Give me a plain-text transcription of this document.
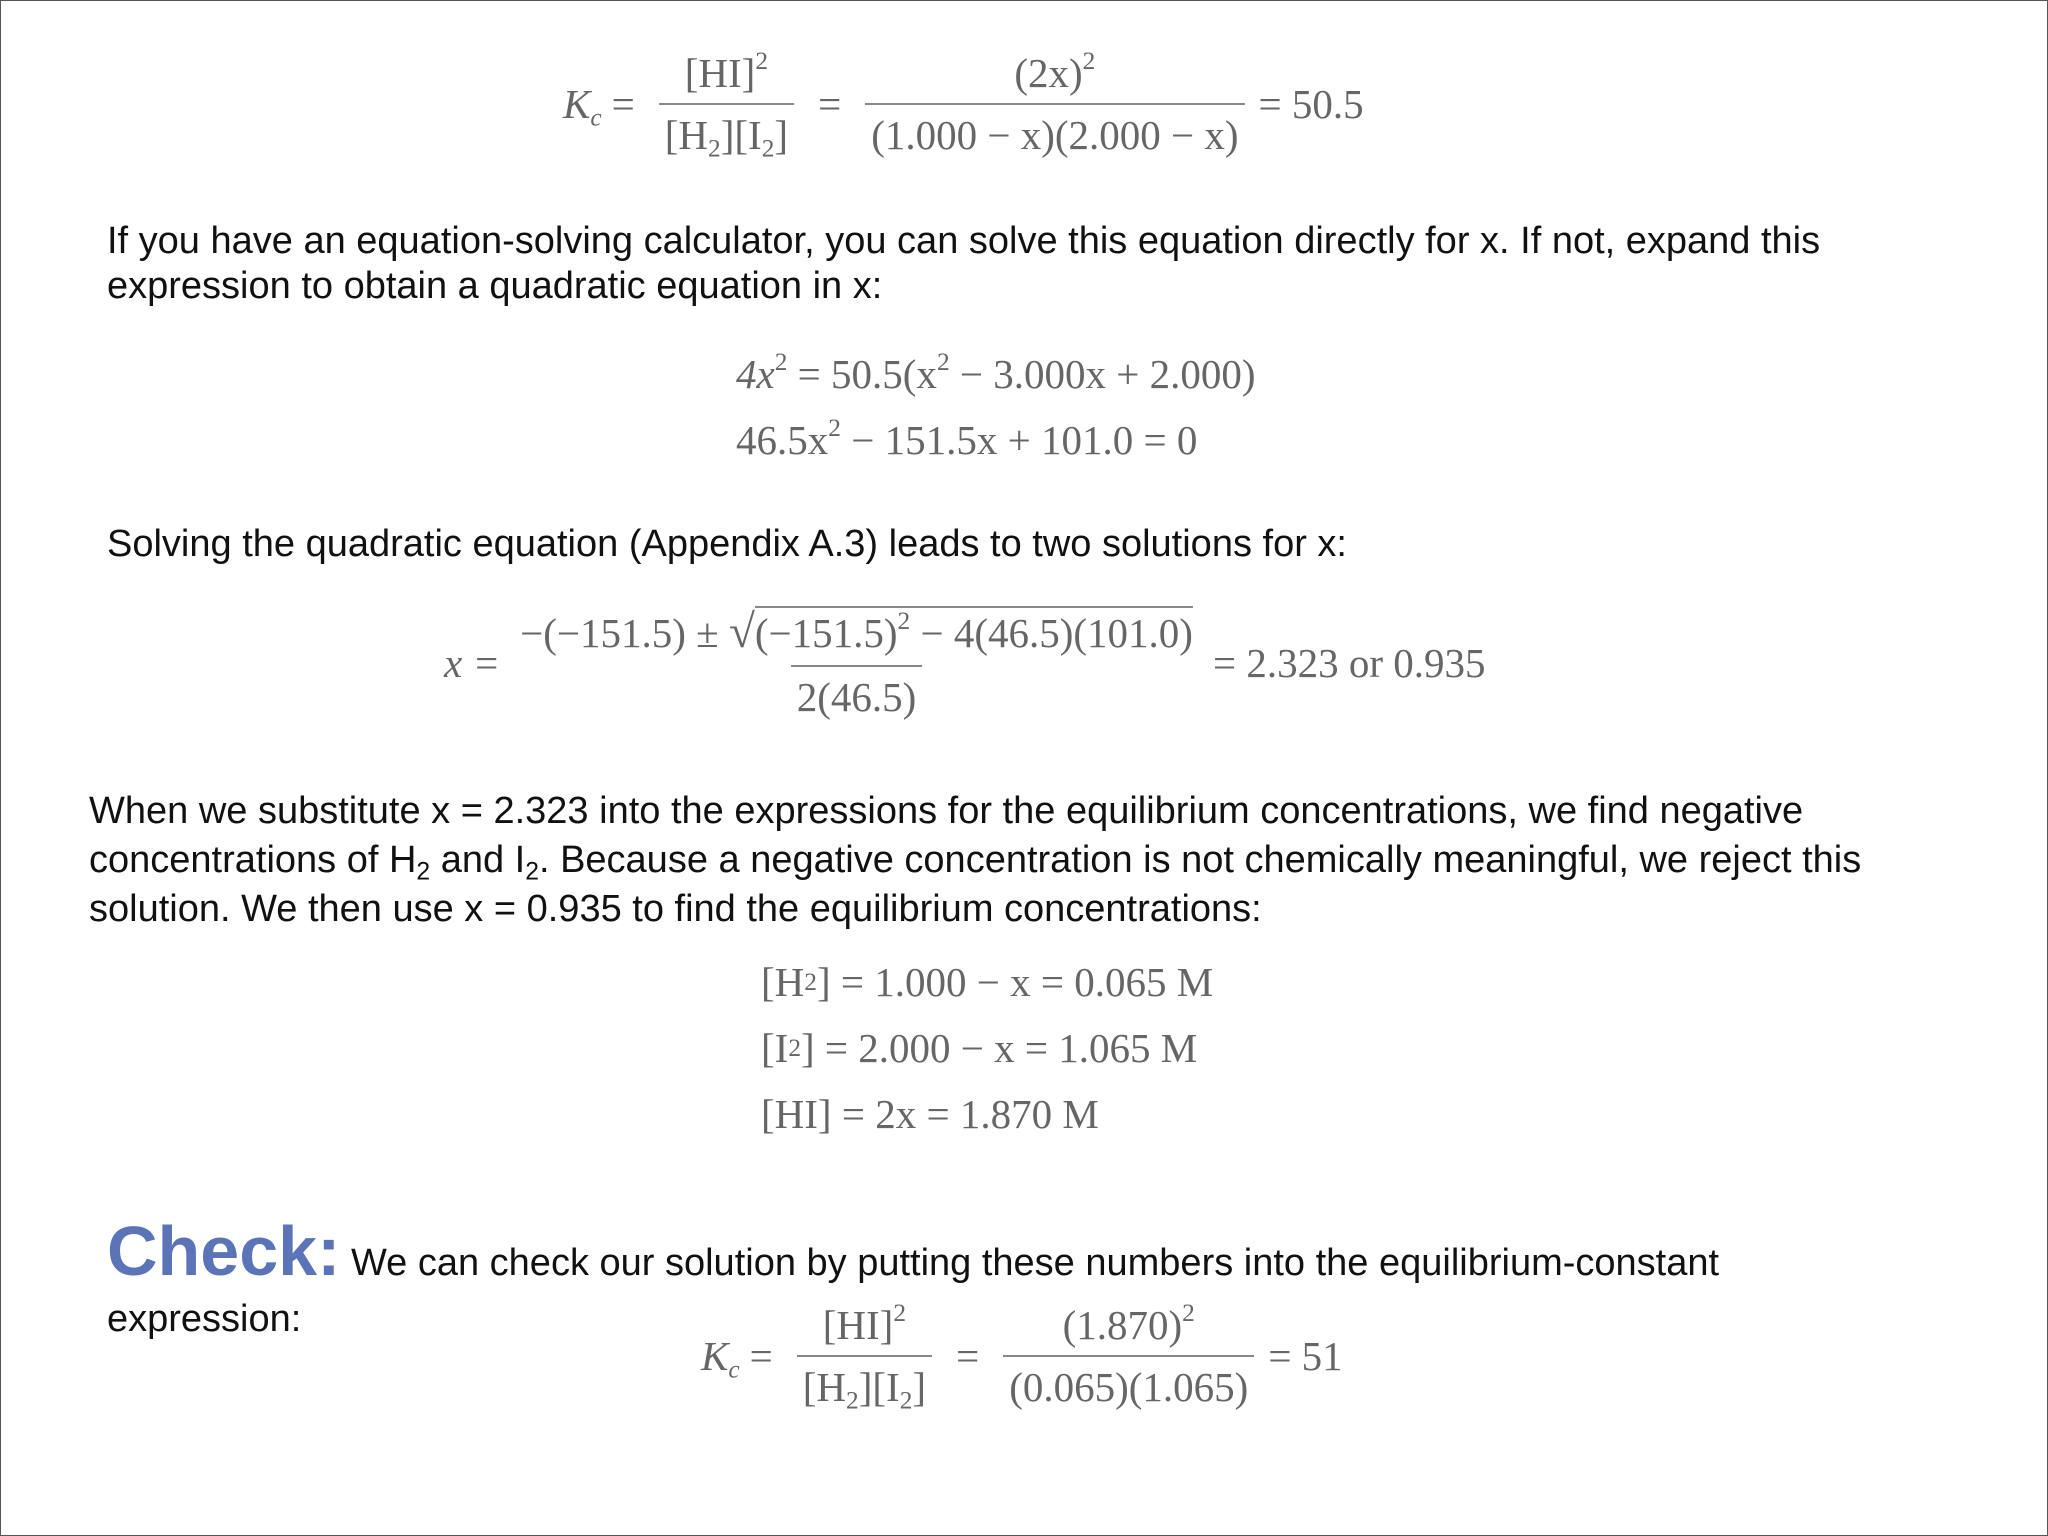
$K_c = \frac{[HI]^2}{[H_2][I_2]} = \frac{(2x)^2}{(1.000 - x)(2.000 - x)} = 50.5$
If you have an equation-solving calculator, you can solve this equation directly for x. If not, expand this expression to obtain a quadratic equation in x:
$4x^2 = 50.5(x^2 - 3.000x + 2.000)$
$46.5x^2 - 151.5x + 101.0 = 0$
Solving the quadratic equation (Appendix A.3) leads to two solutions for x:
$x = \frac{-(-151.5) \pm √(-151.5)^2 - 4(46.5)(101.0)}{2(46.5)} = 2.323$ or 0.935
When we substitute x = 2.323 into the expressions for the equilibrium concentrations, we find negative concentrations of $H_2$ and $I_2$. Because a negative concentration is not chemically meaningful, we reject this solution. We then use x = 0.935 to find the equilibrium concentrations:
[H 2 ] = 1.000 − x = 0.065 M
[I 2 ] = 2.000 − x = 1.065 M
[HI] = 2x = 1.870 M
Check: We can check our solution by putting these numbers into the equilibrium-constant expression:
$K_c = \frac{[HI]^2}{[H_2][I_2]} = \frac{(1.870)^2}{(0.065)(1.065)} = 51$
